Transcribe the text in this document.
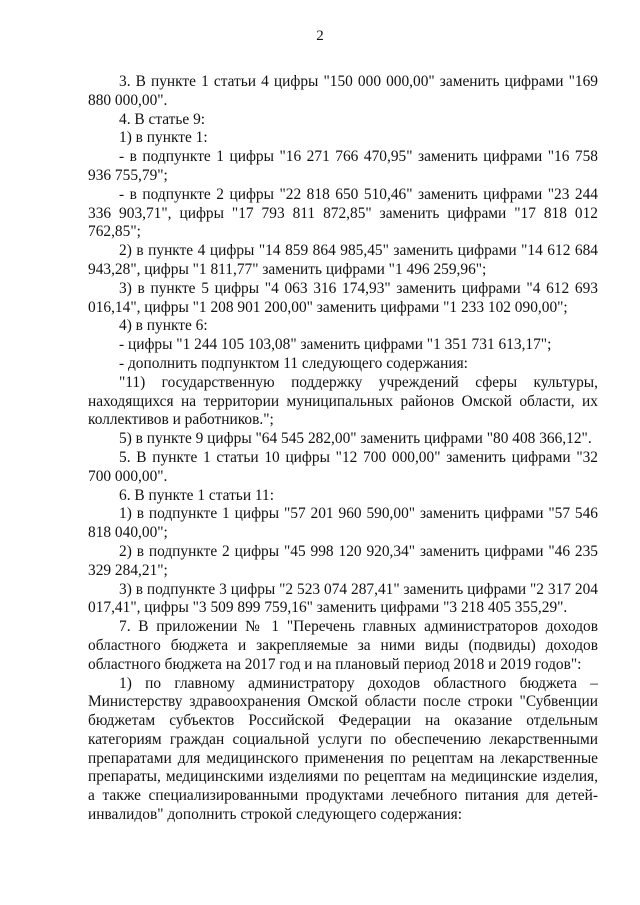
2

3. В пункте 1 статьи 4 цифры "150 000 000,00" заменить цифрами "169 880 000,00".

4. В статье 9:

1) в пункте 1:

- в подпункте 1 цифры "16 271 766 470,95" заменить цифрами "16 758 936 755,79";

- в подпункте 2 цифры "22 818 650 510,46" заменить цифрами "23 244 336 903,71", цифры "17 793 811 872,85" заменить цифрами "17 818 012 762,85";

2) в пункте 4 цифры "14 859 864 985,45" заменить цифрами "14 612 684 943,28", цифры "1 811,77" заменить цифрами "1 496 259,96";

3) в пункте 5 цифры "4 063 316 174,93" заменить цифрами "4 612 693 016,14", цифры "1 208 901 200,00" заменить цифрами "1 233 102 090,00";

4) в пункте 6:

- цифры "1 244 105 103,08" заменить цифрами "1 351 731 613,17";

- дополнить подпунктом 11 следующего содержания:

"11) государственную поддержку учреждений сферы культуры, находящихся на территории муниципальных районов Омской области, их коллективов и работников.";

5) в пункте 9 цифры "64 545 282,00" заменить цифрами "80 408 366,12".

5. В пункте 1 статьи 10 цифры "12 700 000,00" заменить цифрами "32 700 000,00".

6. В пункте 1 статьи 11:

1) в подпункте 1 цифры "57 201 960 590,00" заменить цифрами "57 546 818 040,00";

2) в подпункте 2 цифры "45 998 120 920,34" заменить цифрами "46 235 329 284,21";

3) в подпункте 3 цифры "2 523 074 287,41" заменить цифрами "2 317 204 017,41", цифры "3 509 899 759,16" заменить цифрами "3 218 405 355,29".

7. В приложении № 1 "Перечень главных администраторов доходов областного бюджета и закрепляемые за ними виды (подвиды) доходов областного бюджета на 2017 год и на плановый период 2018 и 2019 годов":

1) по главному администратору доходов областного бюджета – Министерству здравоохранения Омской области после строки "Субвенции бюджетам субъектов Российской Федерации на оказание отдельным категориям граждан социальной услуги по обеспечению лекарственными препаратами для медицинского применения по рецептам на лекарственные препараты, медицинскими изделиями по рецептам на медицинские изделия, а также специализированными продуктами лечебного питания для детей-инвалидов" дополнить строкой следующего содержания:
